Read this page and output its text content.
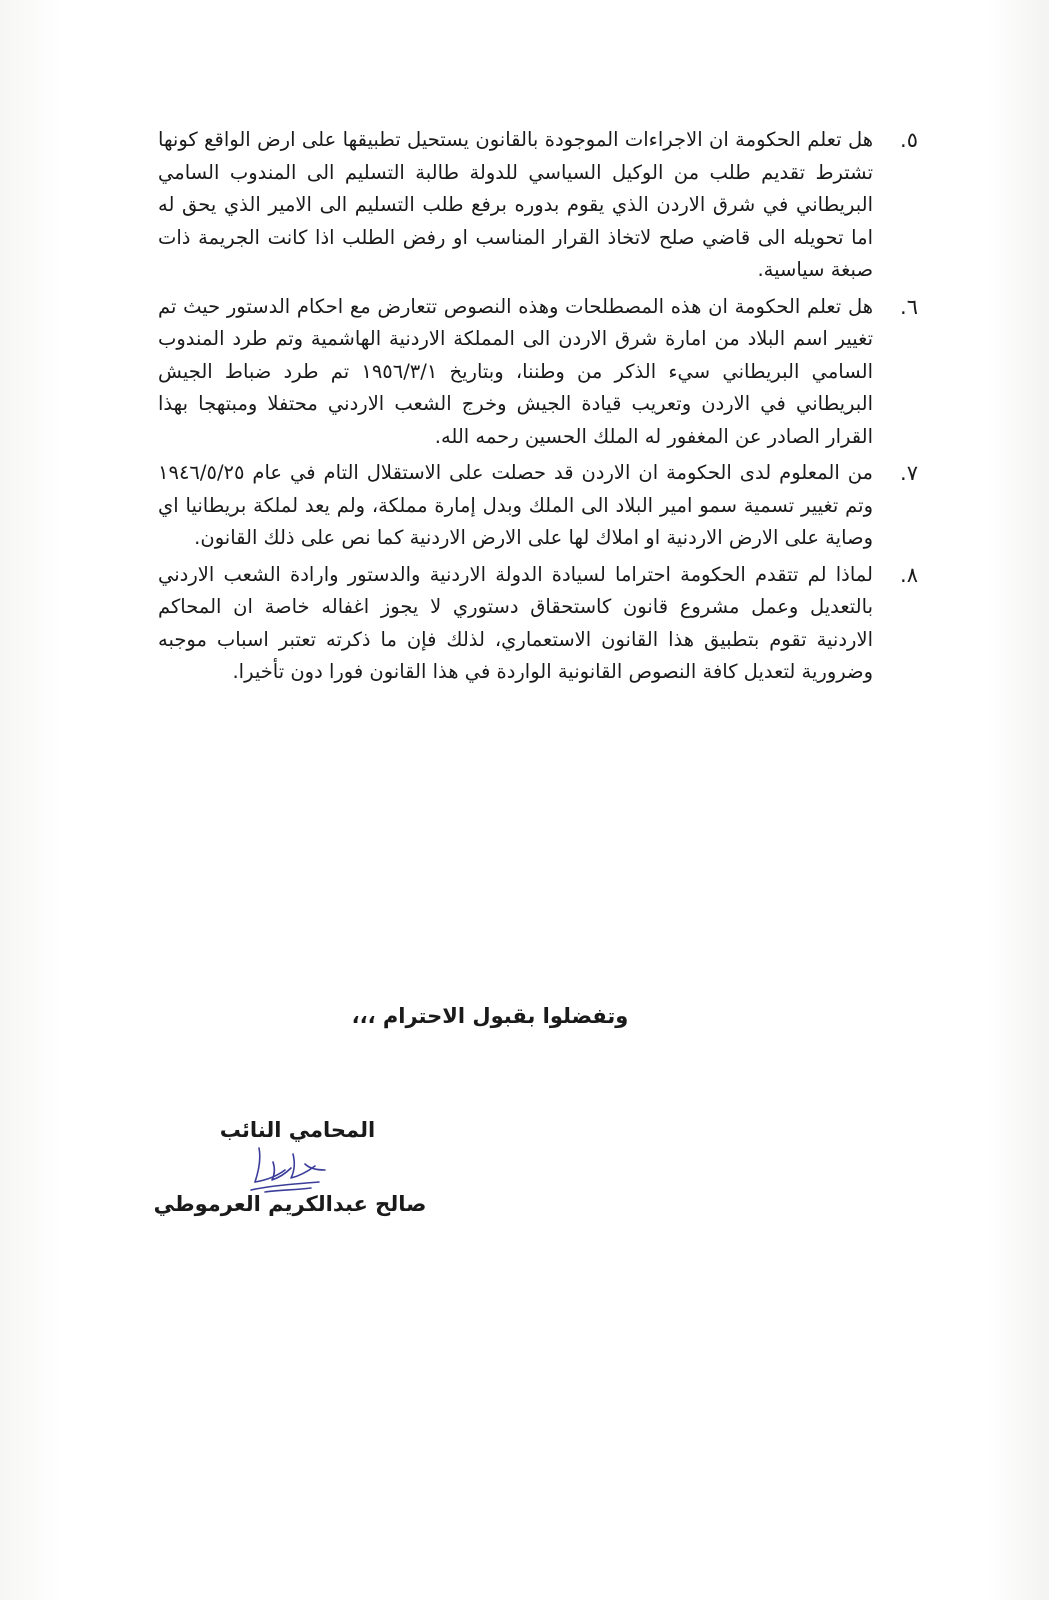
٥.
هل تعلم الحكومة ان الاجراءات الموجودة بالقانون يستحيل تطبيقها على ارض الواقع كونها تشترط تقديم طلب من الوكيل السياسي للدولة طالبة التسليم الى المندوب السامي البريطاني في شرق الاردن الذي يقوم بدوره برفع طلب التسليم الى الامير الذي يحق له اما تحويله الى قاضي صلح لاتخاذ القرار المناسب او رفض الطلب اذا كانت الجريمة ذات صبغة سياسية.
٦.
هل تعلم الحكومة ان هذه المصطلحات وهذه النصوص تتعارض مع احكام الدستور حيث تم تغيير اسم البلاد من امارة شرق الاردن الى المملكة الاردنية الهاشمية وتم طرد المندوب السامي البريطاني سيء الذكر من وطننا، وبتاريخ ١٩٥٦/٣/١ تم طرد ضباط الجيش البريطاني في الاردن وتعريب قيادة الجيش وخرج الشعب الاردني محتفلا ومبتهجا بهذا القرار الصادر عن المغفور له الملك الحسين رحمه الله.
٧.
من المعلوم لدى الحكومة ان الاردن قد حصلت على الاستقلال التام في عام ١٩٤٦/٥/٢٥ وتم تغيير تسمية سمو امير البلاد الى الملك وبدل إمارة مملكة، ولم يعد لملكة بريطانيا اي وصاية على الارض الاردنية او املاك لها على الارض الاردنية كما نص على ذلك القانون.
٨.
لماذا لم تتقدم الحكومة احتراما لسيادة الدولة الاردنية والدستور وارادة الشعب الاردني بالتعديل وعمل مشروع قانون كاستحقاق دستوري لا يجوز اغفاله خاصة ان المحاكم الاردنية تقوم بتطبيق هذا القانون الاستعماري، لذلك فإن ما ذكرته تعتبر اسباب موجبه وضرورية لتعديل كافة النصوص القانونية الواردة في هذا القانون فورا دون تأخيرا.
وتفضلوا بقبول الاحترام ،،،
المحامي النائب
صالح عبدالكريم العرموطي
